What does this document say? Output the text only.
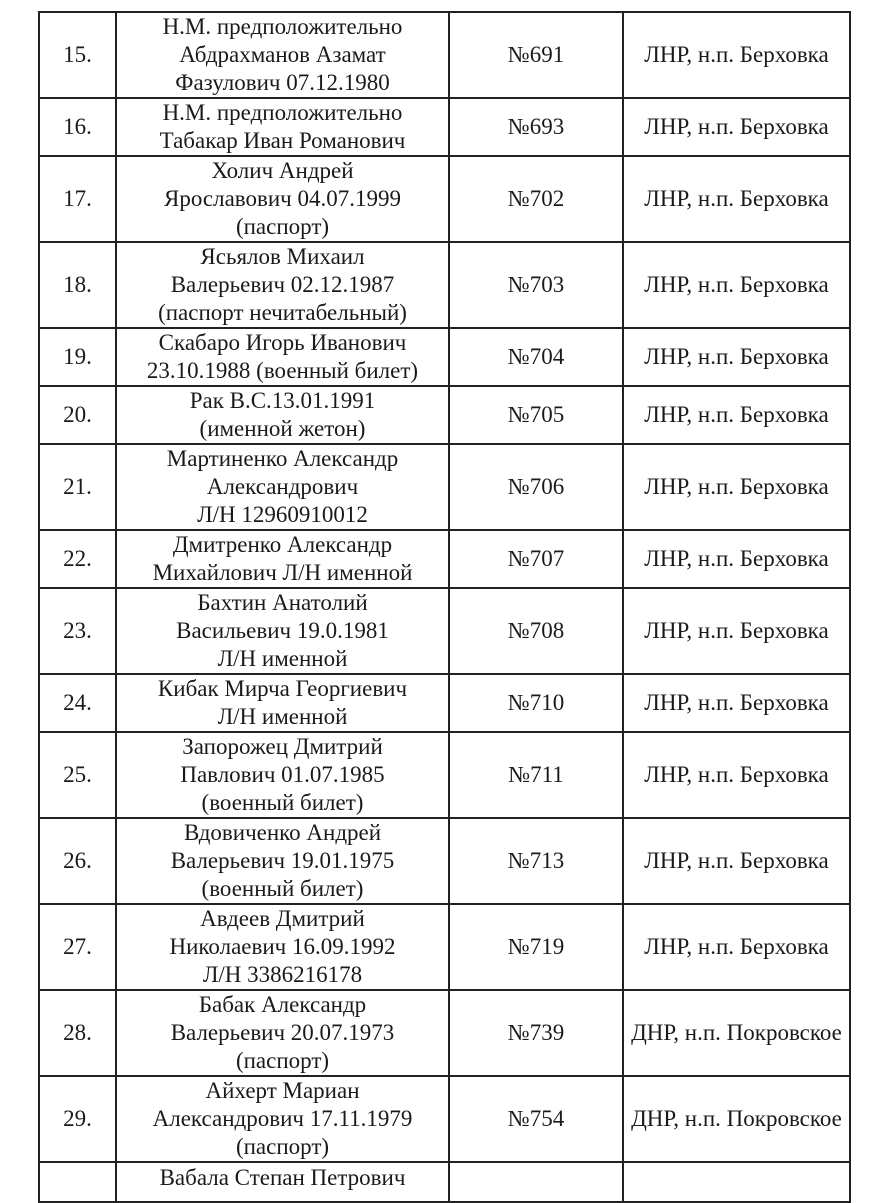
15.	Н.М. предположительно
Абдрахманов Азамат
Фазулович 07.12.1980	№691	ЛНР, н.п. Берховка
16.	Н.М. предположительно
Табакар Иван Романович	№693	ЛНР, н.п. Берховка
17.	Холич Андрей
Ярославович 04.07.1999
(паспорт)	№702	ЛНР, н.п. Берховка
18.	Ясьялов Михаил
Валерьевич 02.12.1987
(паспорт нечитабельный)	№703	ЛНР, н.п. Берховка
19.	Скабаро Игорь Иванович
23.10.1988 (военный билет)	№704	ЛНР, н.п. Берховка
20.	Рак В.С.13.01.1991
(именной жетон)	№705	ЛНР, н.п. Берховка
21.	Мартиненко Александр
Александрович
Л/Н 12960910012	№706	ЛНР, н.п. Берховка
22.	Дмитренко Александр
Михайлович Л/Н именной	№707	ЛНР, н.п. Берховка
23.	Бахтин Анатолий
Васильевич 19.0.1981
Л/Н именной	№708	ЛНР, н.п. Берховка
24.	Кибак Мирча Георгиевич
Л/Н именной	№710	ЛНР, н.п. Берховка
25.	Запорожец Дмитрий
Павлович 01.07.1985
(военный билет)	№711	ЛНР, н.п. Берховка
26.	Вдовиченко Андрей
Валерьевич 19.01.1975
(военный билет)	№713	ЛНР, н.п. Берховка
27.	Авдеев Дмитрий
Николаевич 16.09.1992
Л/Н 3386216178	№719	ЛНР, н.п. Берховка
28.	Бабак Александр
Валерьевич 20.07.1973
(паспорт)	№739	ДНР, н.п. Покровское
29.	Айхерт Мариан
Александрович 17.11.1979
(паспорт)	№754	ДНР, н.п. Покровское

	Вабала Степан Петрович		
